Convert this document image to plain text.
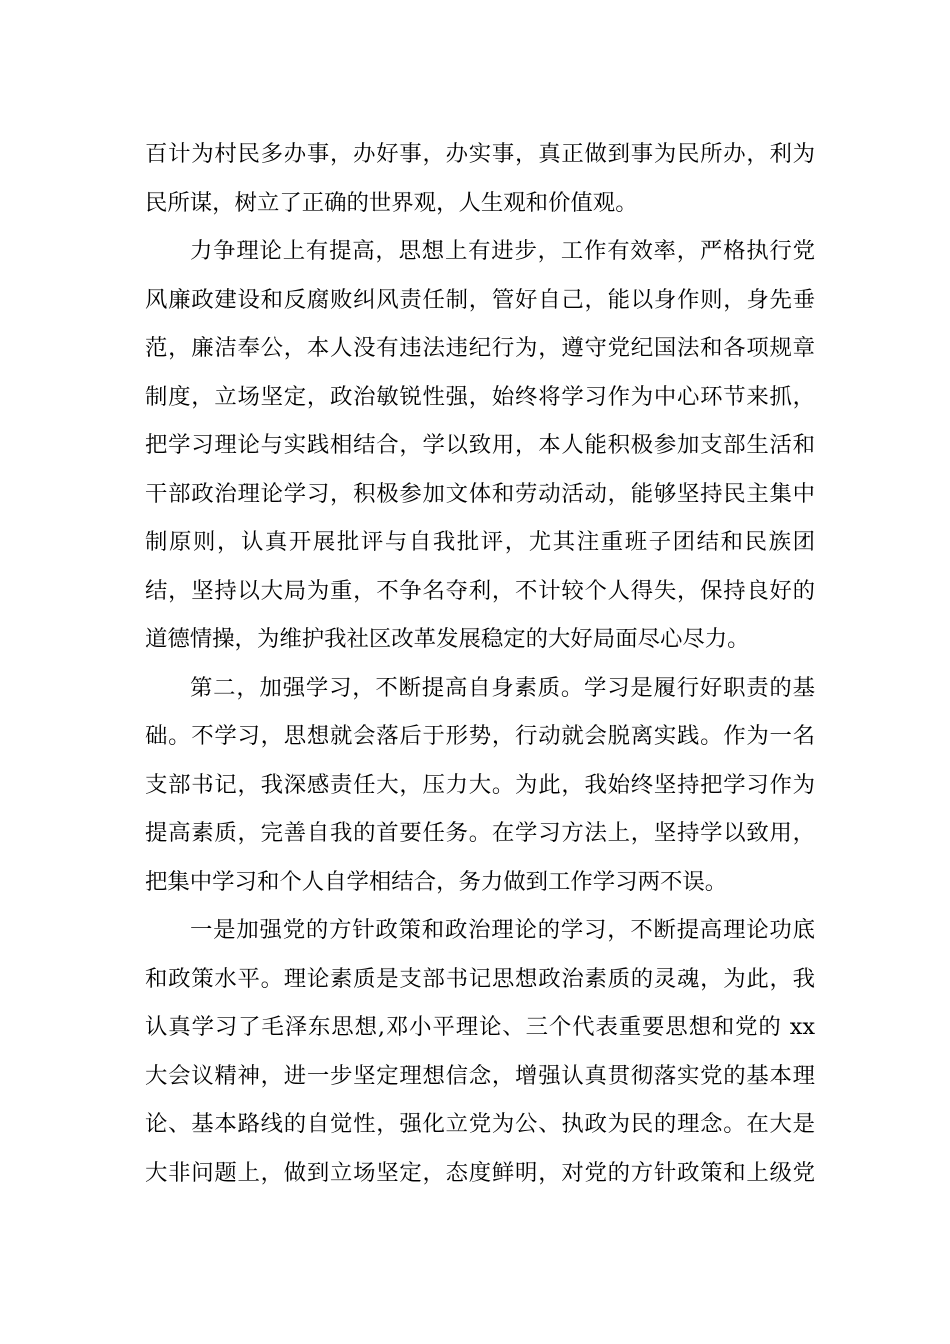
百计为村民多办事，办好事，办实事，真正做到事为民所办，利为
民所谋，树立了正确的世界观，人生观和价值观。
力争理论上有提高，思想上有进步，工作有效率，严格执行党
风廉政建设和反腐败纠风责任制，管好自己，能以身作则，身先垂
范，廉洁奉公，本人没有违法违纪行为，遵守党纪国法和各项规章
制度，立场坚定，政治敏锐性强，始终将学习作为中心环节来抓，
把学习理论与实践相结合，学以致用，本人能积极参加支部生活和
干部政治理论学习，积极参加文体和劳动活动，能够坚持民主集中
制原则，认真开展批评与自我批评，尤其注重班子团结和民族团
结，坚持以大局为重，不争名夺利，不计较个人得失，保持良好的
道德情操，为维护我社区改革发展稳定的大好局面尽心尽力。
第二，加强学习，不断提高自身素质。学习是履行好职责的基
础。不学习，思想就会落后于形势，行动就会脱离实践。作为一名
支部书记，我深感责任大，压力大。为此，我始终坚持把学习作为
提高素质，完善自我的首要任务。在学习方法上，坚持学以致用，
把集中学习和个人自学相结合，务力做到工作学习两不误。
一是加强党的方针政策和政治理论的学习，不断提高理论功底
和政策水平。理论素质是支部书记思想政治素质的灵魂，为此，我
认真学习了毛泽东思想,邓小平理论、三个代表重要思想和党的 xx
大会议精神，进一步坚定理想信念，增强认真贯彻落实党的基本理
论、基本路线的自觉性，强化立党为公、执政为民的理念。在大是
大非问题上，做到立场坚定，态度鲜明，对党的方针政策和上级党
